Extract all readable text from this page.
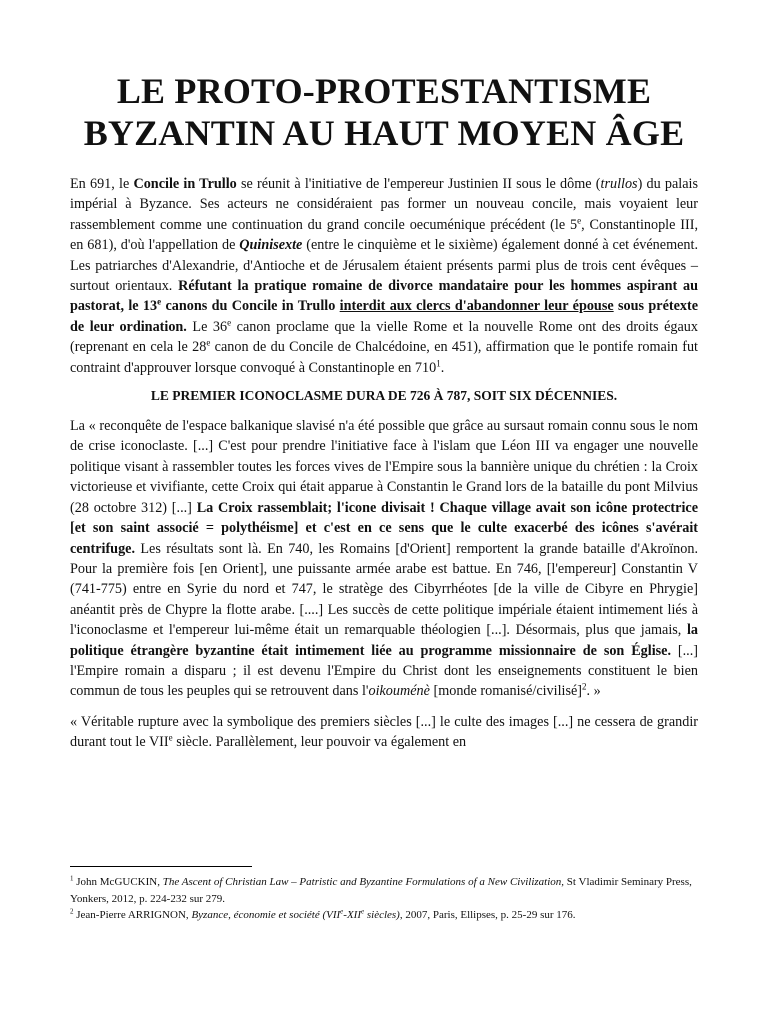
LE PROTO-PROTESTANTISME
BYZANTIN AU HAUT MOYEN ÂGE

En 691, le Concile in Trullo se réunit à l'initiative de l'empereur Justinien II sous le dôme (trullos) du palais impérial à Byzance. Ses acteurs ne considéraient pas former un nouveau concile, mais voyaient leur rassemblement comme une continuation du grand concile oecuménique précédent (le 5e, Constantinople III, en 681), d'où l'appellation de Quinisexte (entre le cinquième et le sixième) également donné à cet événement. Les patriarches d'Alexandrie, d'Antioche et de Jérusalem étaient présents parmi plus de trois cent évêques – surtout orientaux. Réfutant la pratique romaine de divorce mandataire pour les hommes aspirant au pastorat, le 13e canons du Concile in Trullo interdit aux clercs d'abandonner leur épouse sous prétexte de leur ordination. Le 36e canon proclame que la vielle Rome et la nouvelle Rome ont des droits égaux (reprenant en cela le 28e canon de du Concile de Chalcédoine, en 451), affirmation que le pontife romain fut contraint d'approuver lorsque convoqué à Constantinople en $710^1$.

LE PREMIER ICONOCLASME DURA DE 726 À 787, SOIT SIX DÉCENNIES.

La « reconquête de l'espace balkanique slavisé n'a été possible que grâce au sursaut romain connu sous le nom de crise iconoclaste. [...] C'est pour prendre l'initiative face à l'islam que Léon III va engager une nouvelle politique visant à rassembler toutes les forces vives de l'Empire sous la bannière unique du chrétien : la Croix victorieuse et vivifiante, cette Croix qui était apparue à Constantin le Grand lors de la bataille du pont Milvius (28 octobre 312) [...] La Croix rassemblait; l'icone divisait ! Chaque village avait son icône protectrice [et son saint associé = polythéisme] et c'est en ce sens que le culte exacerbé des icônes s'avérait centrifuge. Les résultats sont là. En 740, les Romains [d'Orient] remportent la grande bataille d'Akroïnon. Pour la première fois [en Orient], une puissante armée arabe est battue. En 746, [l'empereur] Constantin V (741-775) entre en Syrie du nord et 747, le stratège des Cibyrrhéotes [de la ville de Cibyre en Phrygie] anéantit près de Chypre la flotte arabe. [....] Les succès de cette politique impériale étaient intimement liés à l'iconoclasme et l'empereur lui-même était un remarquable théologien [...]. Désormais, plus que jamais, la politique étrangère byzantine était intimement liée au programme missionnaire de son Église. [...] l'Empire romain a disparu ; il est devenu l'Empire du Christ dont les enseignements constituent le bien commun de tous les peuples qui se retrouvent dans l'oikouménè [monde romanisé/civilisé]$^2$. »

« Véritable rupture avec la symbolique des premiers siècles [...] le culte des images [...] ne cessera de grandir durant tout le VIIe siècle. Parallèlement, leur pouvoir va également en

$^1$ John McGUCKIN, The Ascent of Christian Law – Patristic and Byzantine Formulations of a New Civilization, St Vladimir Seminary Press, Yonkers, 2012, p. 224-232 sur 279.

$^2$ Jean-Pierre ARRIGNON, Byzance, économie et société (VIIe-XIIe siècles), 2007, Paris, Ellipses, p. 25-29 sur 176.
